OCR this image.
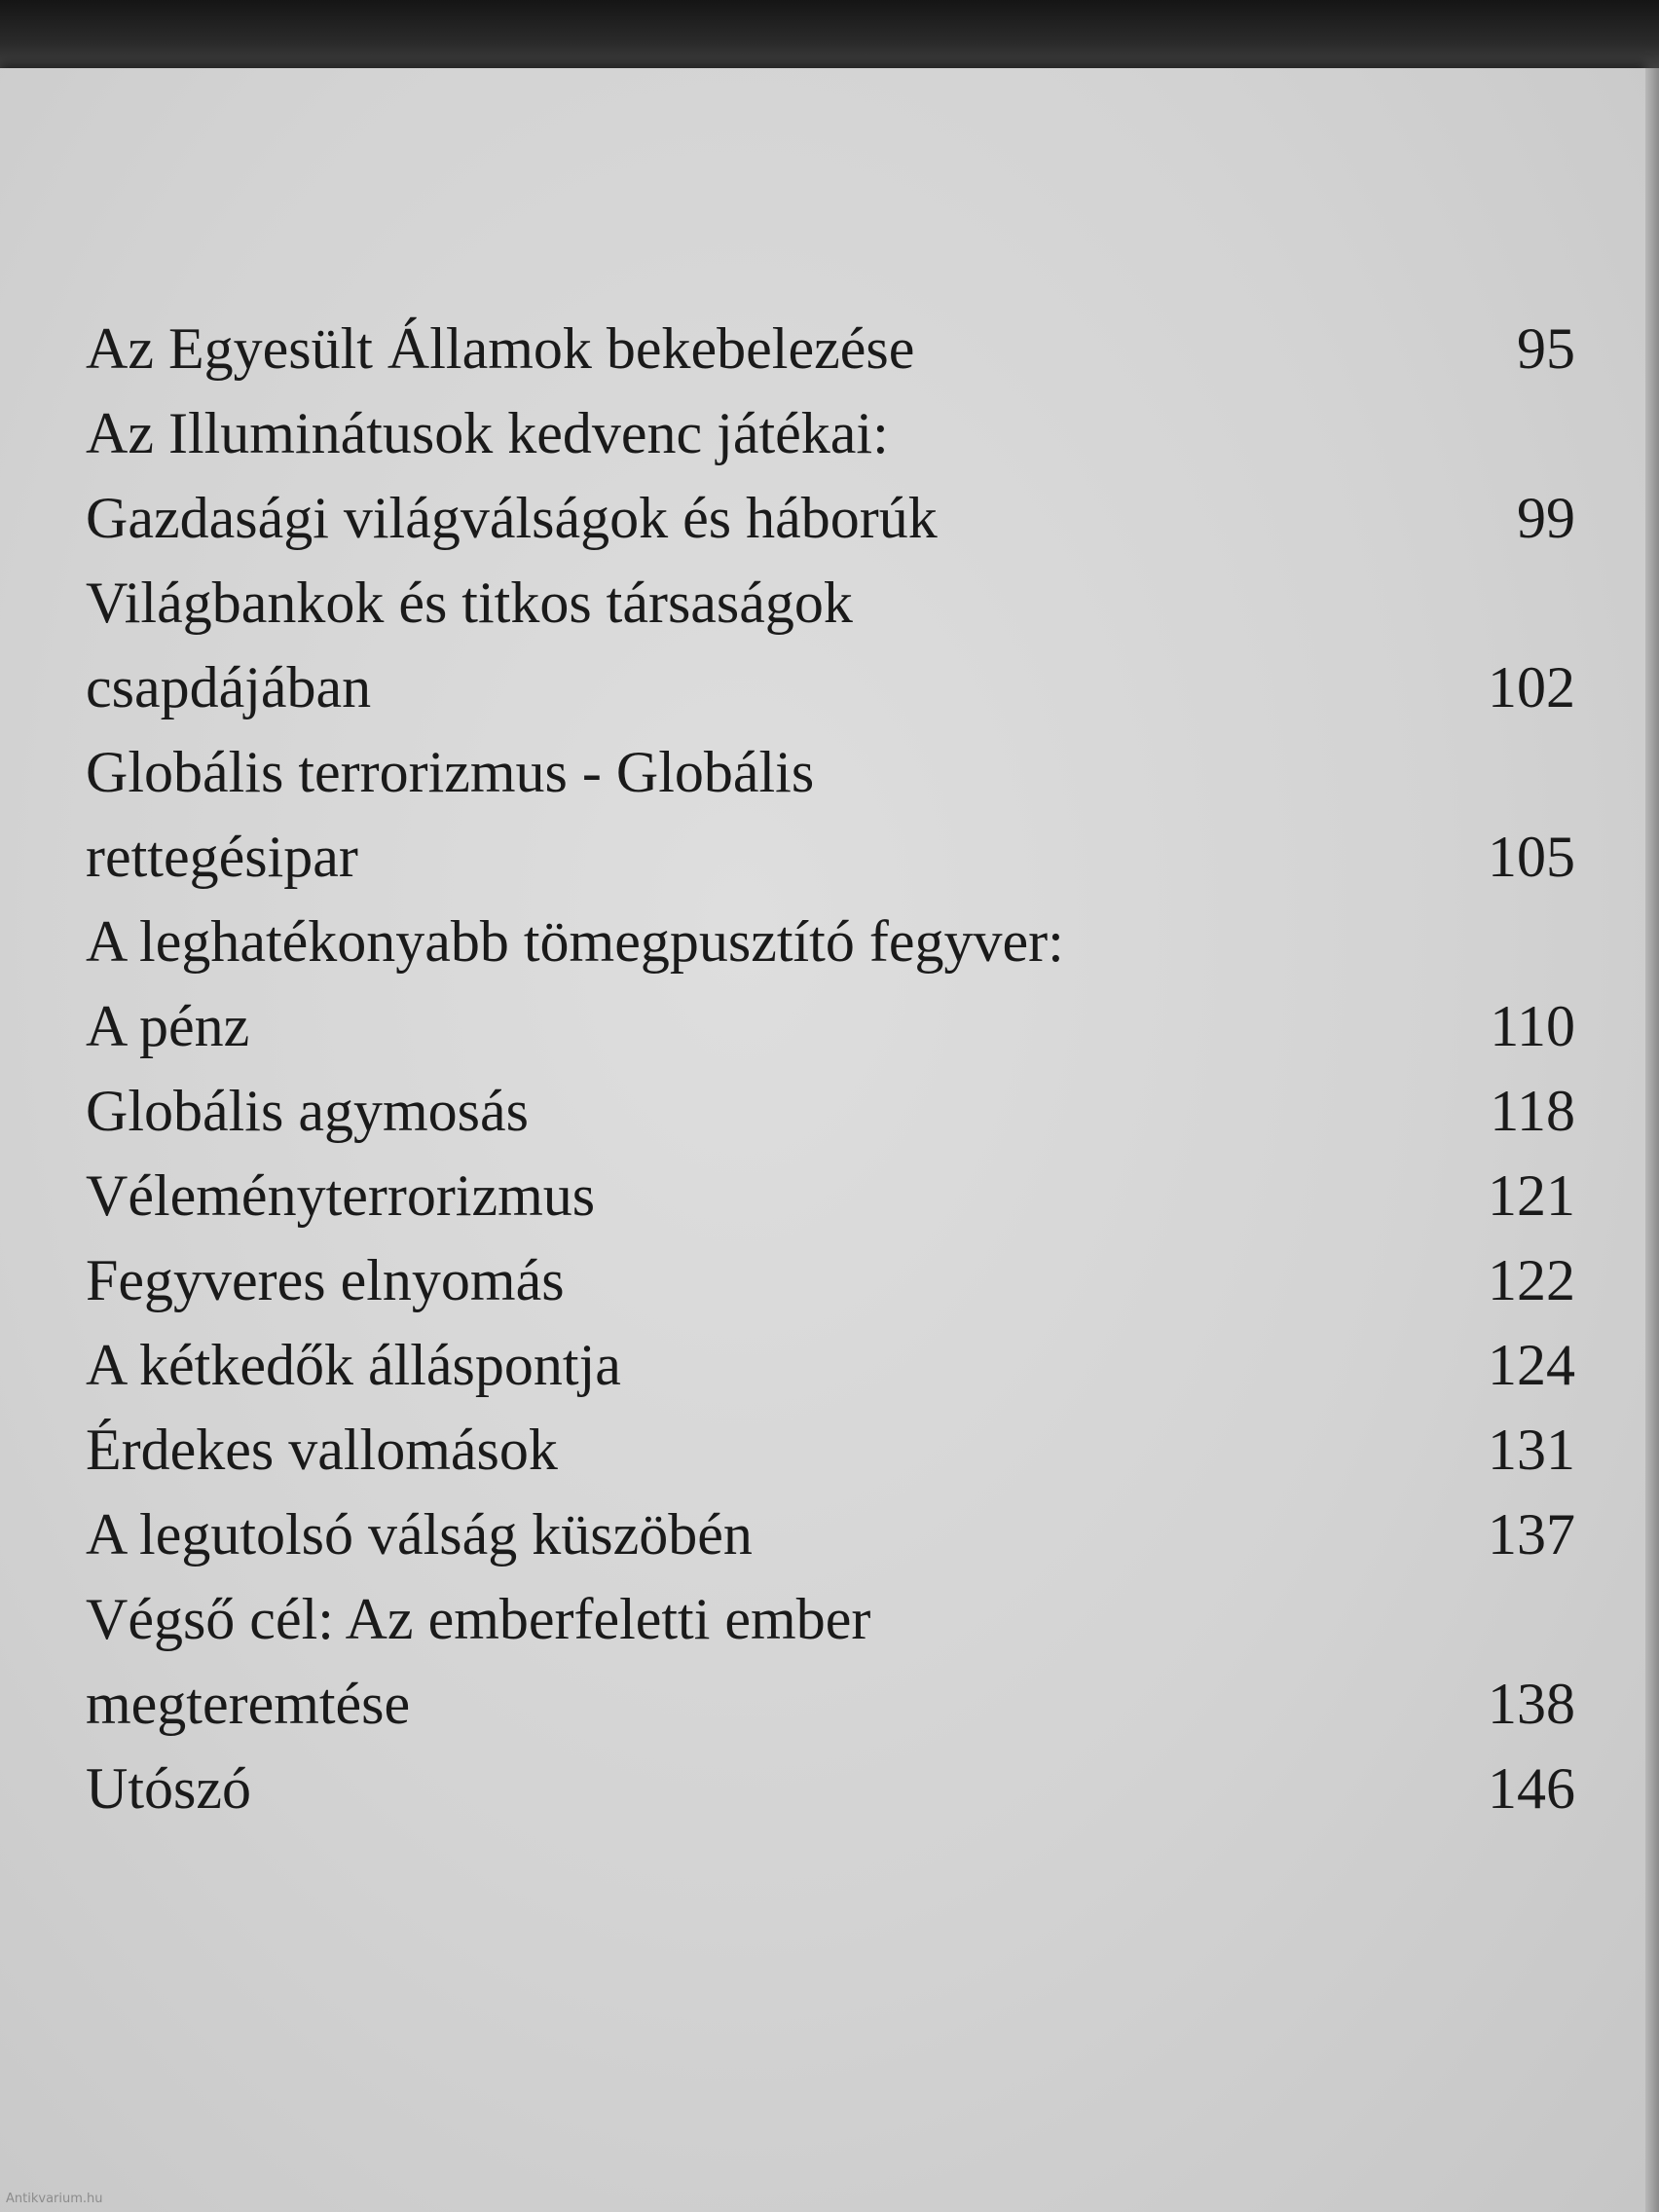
Az Egyesült Államok bekebelezése	95
Az Illuminátusok kedvenc játékai:
Gazdasági világválságok és háborúk	99
Világbankok és titkos társaságok
csapdájában	102
Globális terrorizmus - Globális
rettegésipar	105
A leghatékonyabb tömegpusztító fegyver:
A pénz	110
Globális agymosás	118
Véleményterrorizmus	121
Fegyveres elnyomás	122
A kétkedők álláspontja	124
Érdekes vallomások	131
A legutolsó válság küszöbén	137
Végső cél: Az emberfeletti ember
megteremtése	138
Utószó	146
Antikvarium.hu
